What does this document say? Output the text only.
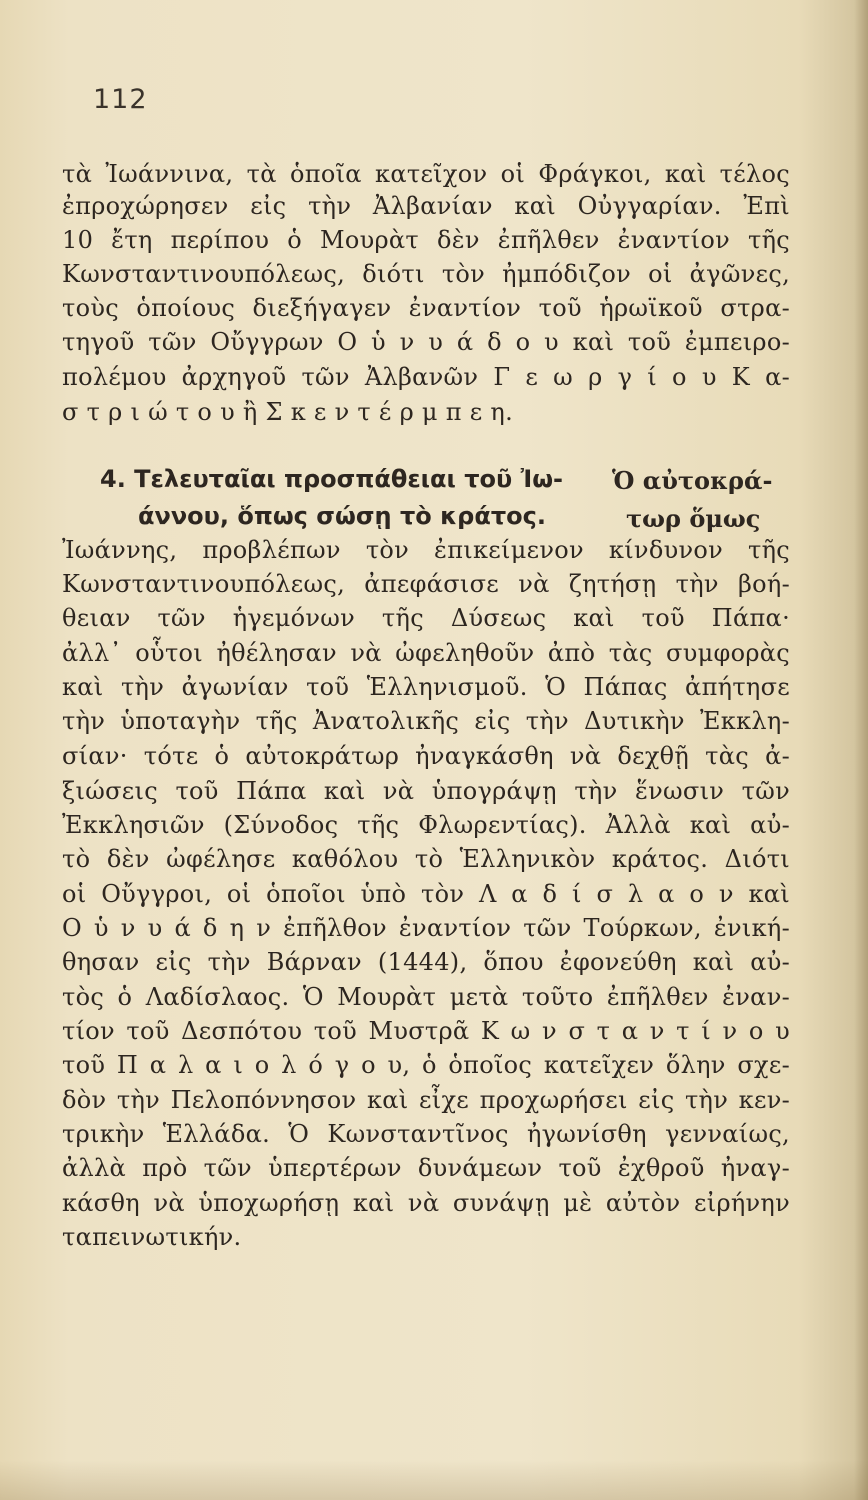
112
τὰ Ἰωάννινα, τὰ ὁποῖα κατεῖχον οἱ Φράγκοι, καὶ τέλος
ἐπροχώρησεν εἰς τὴν Ἀλβανίαν καὶ Οὐγγαρίαν. Ἐπὶ
10 ἔτη περίπου ὁ Μουρὰτ δὲν ἐπῆλθεν ἐναντίον τῆς
Κωνσταντινουπόλεως, διότι τὸν ἠμπόδιζον οἱ ἀγῶνες,
τοὺς ὁποίους διεξήγαγεν ἐναντίον τοῦ ἡρωϊκοῦ στρα-
τηγοῦ τῶν Οὔγγρων Ο ὑ ν υ ά δ ο υ καὶ τοῦ ἐμπειρο-
πολέμου ἀρχηγοῦ τῶν Ἀλβανῶν Γ ε ω ρ γ ί ο υ Κ α-
σ τ ρ ι ώ τ ο υ ἢ Σ κ ε ν τ έ ρ μ π ε η.
4. Τελευταῖαι προσπάθειαι τοῦ Ἰω-
άννου, ὅπως σώσῃ τὸ κράτος.
Ὁ αὐτοκρά-
τωρ ὅμως
Ἰωάννης, προβλέπων τὸν ἐπικείμενον κίνδυνον τῆς
Κωνσταντινουπόλεως, ἀπεφάσισε νὰ ζητήσῃ τὴν βοή-
θειαν τῶν ἡγεμόνων τῆς Δύσεως καὶ τοῦ Πάπα·
ἀλλ᾽ οὗτοι ἠθέλησαν νὰ ὠφεληθοῦν ἀπὸ τὰς συμφορὰς
καὶ τὴν ἀγωνίαν τοῦ Ἑλληνισμοῦ. Ὁ Πάπας ἀπήτησε
τὴν ὑποταγὴν τῆς Ἀνατολικῆς εἰς τὴν Δυτικὴν Ἐκκλη-
σίαν· τότε ὁ αὐτοκράτωρ ἠναγκάσθη νὰ δεχθῇ τὰς ἀ-
ξιώσεις τοῦ Πάπα καὶ νὰ ὑπογράψῃ τὴν ἕνωσιν τῶν
Ἐκκλησιῶν (Σύνοδος τῆς Φλωρεντίας). Ἀλλὰ καὶ αὐ-
τὸ δὲν ὠφέλησε καθόλου τὸ Ἑλληνικὸν κράτος. Διότι
οἱ Οὔγγροι, οἱ ὁποῖοι ὑπὸ τὸν Λ α δ ί σ λ α ο ν καὶ
Ο ὑ ν υ ά δ η ν ἐπῆλθον ἐναντίον τῶν Τούρκων, ἐνική-
θησαν εἰς τὴν Βάρναν (1444), ὅπου ἐφονεύθη καὶ αὐ-
τὸς ὁ Λαδίσλαος. Ὁ Μουρὰτ μετὰ τοῦτο ἐπῆλθεν ἐναν-
τίον τοῦ Δεσπότου τοῦ Μυστρᾶ Κ ω ν σ τ α ν τ ί ν ο υ
τοῦ Π α λ α ι ο λ ό γ ο υ, ὁ ὁποῖος κατεῖχεν ὅλην σχε-
δὸν τὴν Πελοπόννησον καὶ εἶχε προχωρήσει εἰς τὴν κεν-
τρικὴν Ἑλλάδα. Ὁ Κωνσταντῖνος ἠγωνίσθη γενναίως,
ἀλλὰ πρὸ τῶν ὑπερτέρων δυνάμεων τοῦ ἐχθροῦ ἠναγ-
κάσθη νὰ ὑποχωρήσῃ καὶ νὰ συνάψῃ μὲ αὐτὸν εἰρήνην
ταπεινωτικήν.
